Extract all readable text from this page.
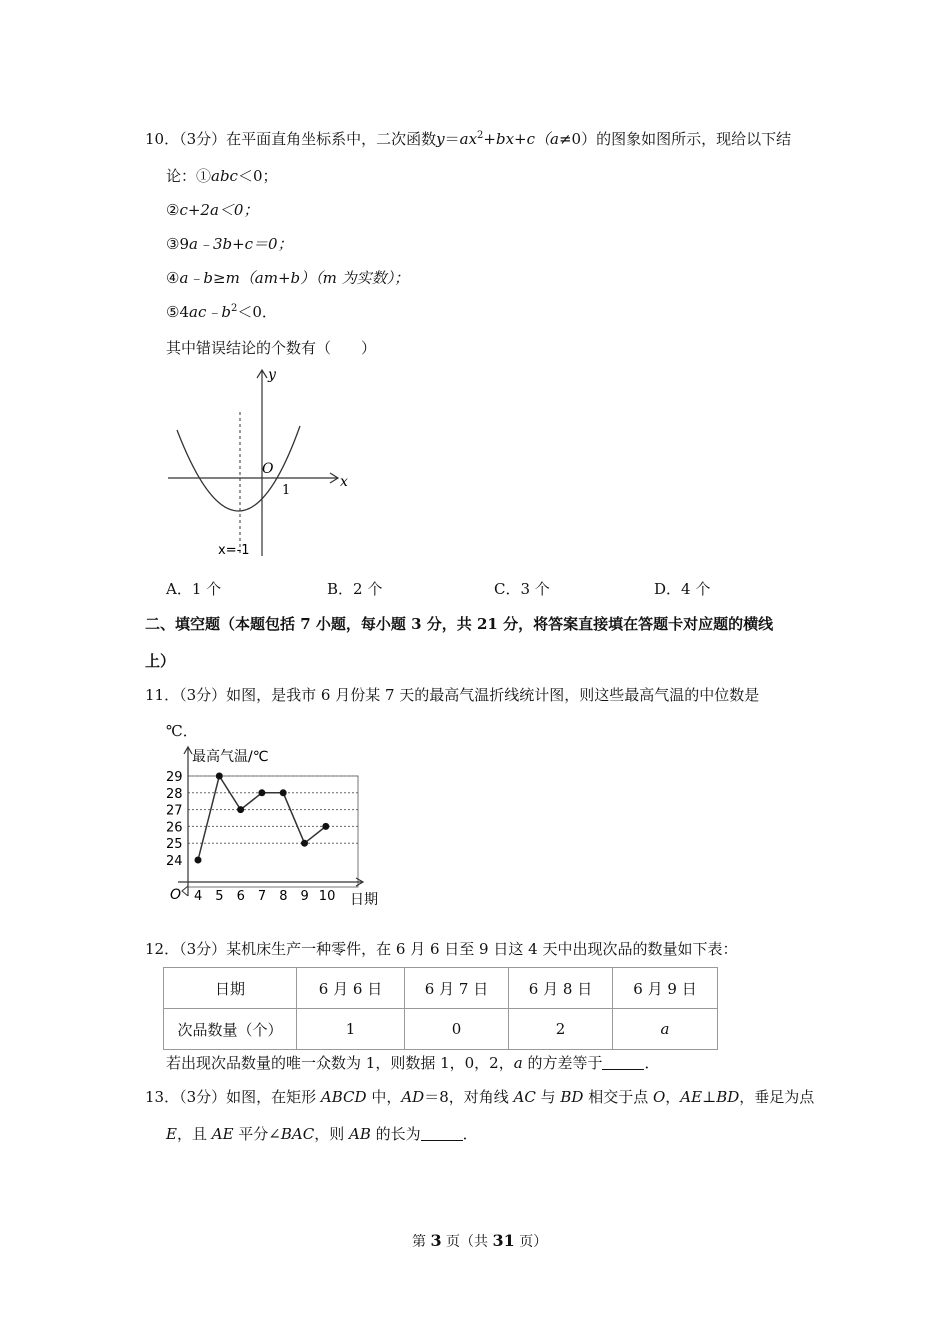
10．（3分）在平面直角坐标系中，二次函数$y=ax^2+bx+c(a\ne 0)$的图象如图所示，现给以下结
论：①abc＜0；
②c+2a＜0；
③9a﹣3b+c＝0；
④a﹣b≥m（am+b）（m 为实数）；
$⑤4ac﹣b^2<0$．
其中错误结论的个数有（　　）
y
x
O
1
x=-1
A．1 个	B．2 个	C．3 个	D．4 个
二、填空题（本题包括 7 小题，每小题 3 分，共 21 分，将答案直接填在答题卡对应题的横线
上）
11．（3分）如图，是我市 6 月份某 7 天的最高气温折线统计图，则这些最高气温的中位数是
℃．
最高气温/℃
日期
O
24
25
26
27
28
29
4 5 6 7 8 9 10
12．（3分）某机床生产一种零件，在 6 月 6 日至 9 日这 4 天中出现次品的数量如下表：
日期	6 月 6 日	6 月 7 日	6 月 8 日	6 月 9 日
次品数量（个）	1	0	2	a
若出现次品数量的唯一众数为 1，则数据 1，0，2，a 的方差等于	．
13．（3分）如图，在矩形 ABCD 中，AD＝8，对角线 AC 与 BD 相交于点 O，AE⊥BD，垂足为点
E，且 AE 平分∠BAC，则 AB 的长为	．
第 3 页（共 31 页）
